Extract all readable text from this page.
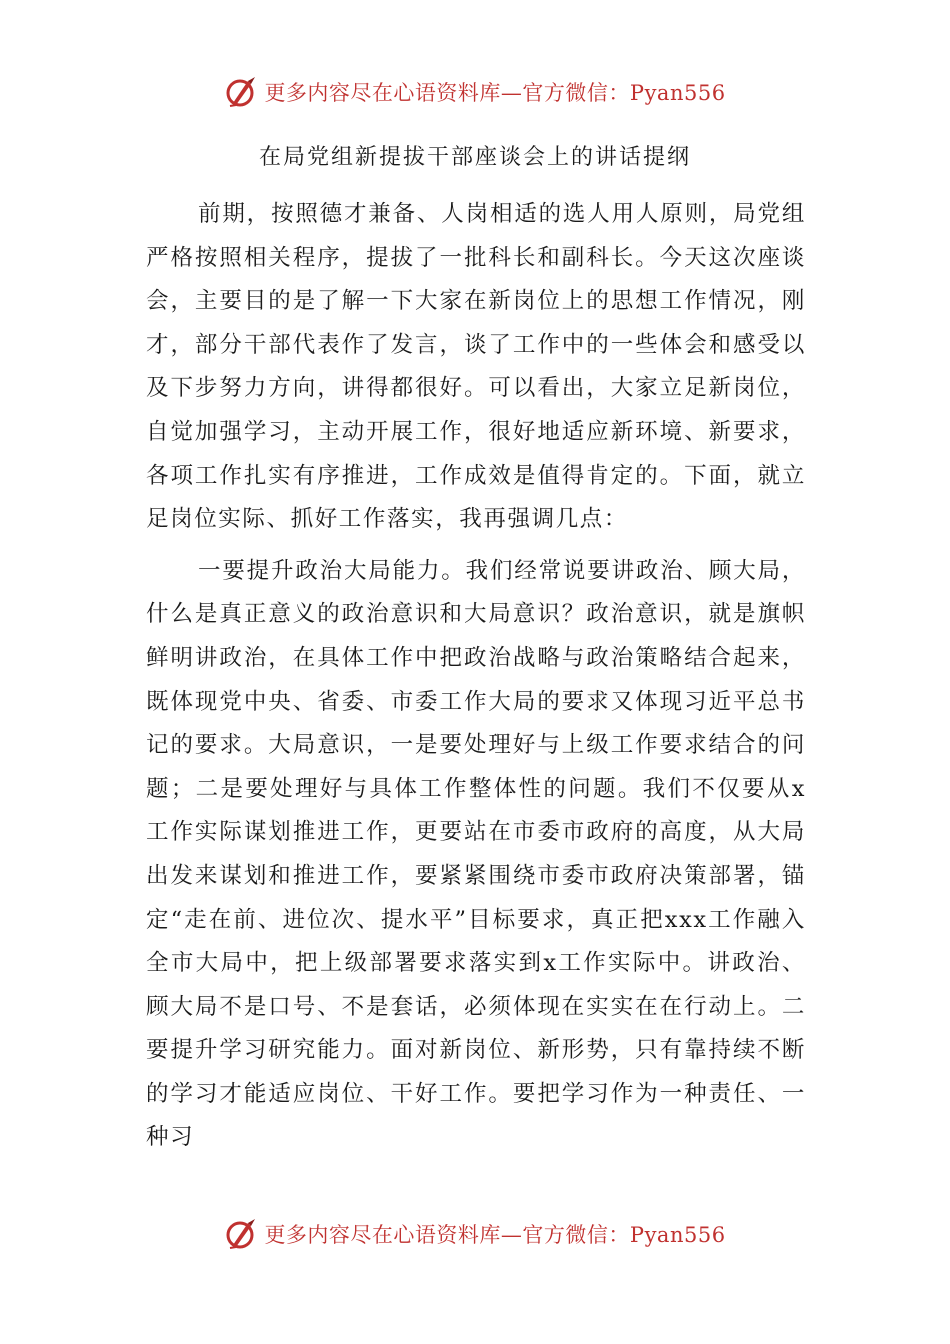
更多内容尽在心语资料库—官方微信：Pyan556
在局党组新提拔干部座谈会上的讲话提纲

前期，按照德才兼备、人岗相适的选人用人原则，局党组严格按照相关程序，提拔了一批科长和副科长。今天这次座谈会，主要目的是了解一下大家在新岗位上的思想工作情况，刚才，部分干部代表作了发言，谈了工作中的一些体会和感受以及下步努力方向，讲得都很好。可以看出，大家立足新岗位，自觉加强学习，主动开展工作，很好地适应新环境、新要求，各项工作扎实有序推进，工作成效是值得肯定的。下面，就立足岗位实际、抓好工作落实，我再强调几点：

一要提升政治大局能力。我们经常说要讲政治、顾大局，什么是真正意义的政治意识和大局意识？政治意识，就是旗帜鲜明讲政治，在具体工作中把政治战略与政治策略结合起来，既体现党中央、省委、市委工作大局的要求又体现习近平总书记的要求。大局意识，一是要处理好与上级工作要求结合的问题；二是要处理好与具体工作整体性的问题。我们不仅要从x工作实际谋划推进工作，更要站在市委市政府的高度，从大局出发来谋划和推进工作，要紧紧围绕市委市政府决策部署，锚定“走在前、进位次、提水平”目标要求，真正把xxx工作融入全市大局中，把上级部署要求落实到x工作实际中。讲政治、顾大局不是口号、不是套话，必须体现在实实在在行动上。二要提升学习研究能力。面对新岗位、新形势，只有靠持续不断的学习才能适应岗位、干好工作。要把学习作为一种责任、一种习

更多内容尽在心语资料库—官方微信：Pyan556
